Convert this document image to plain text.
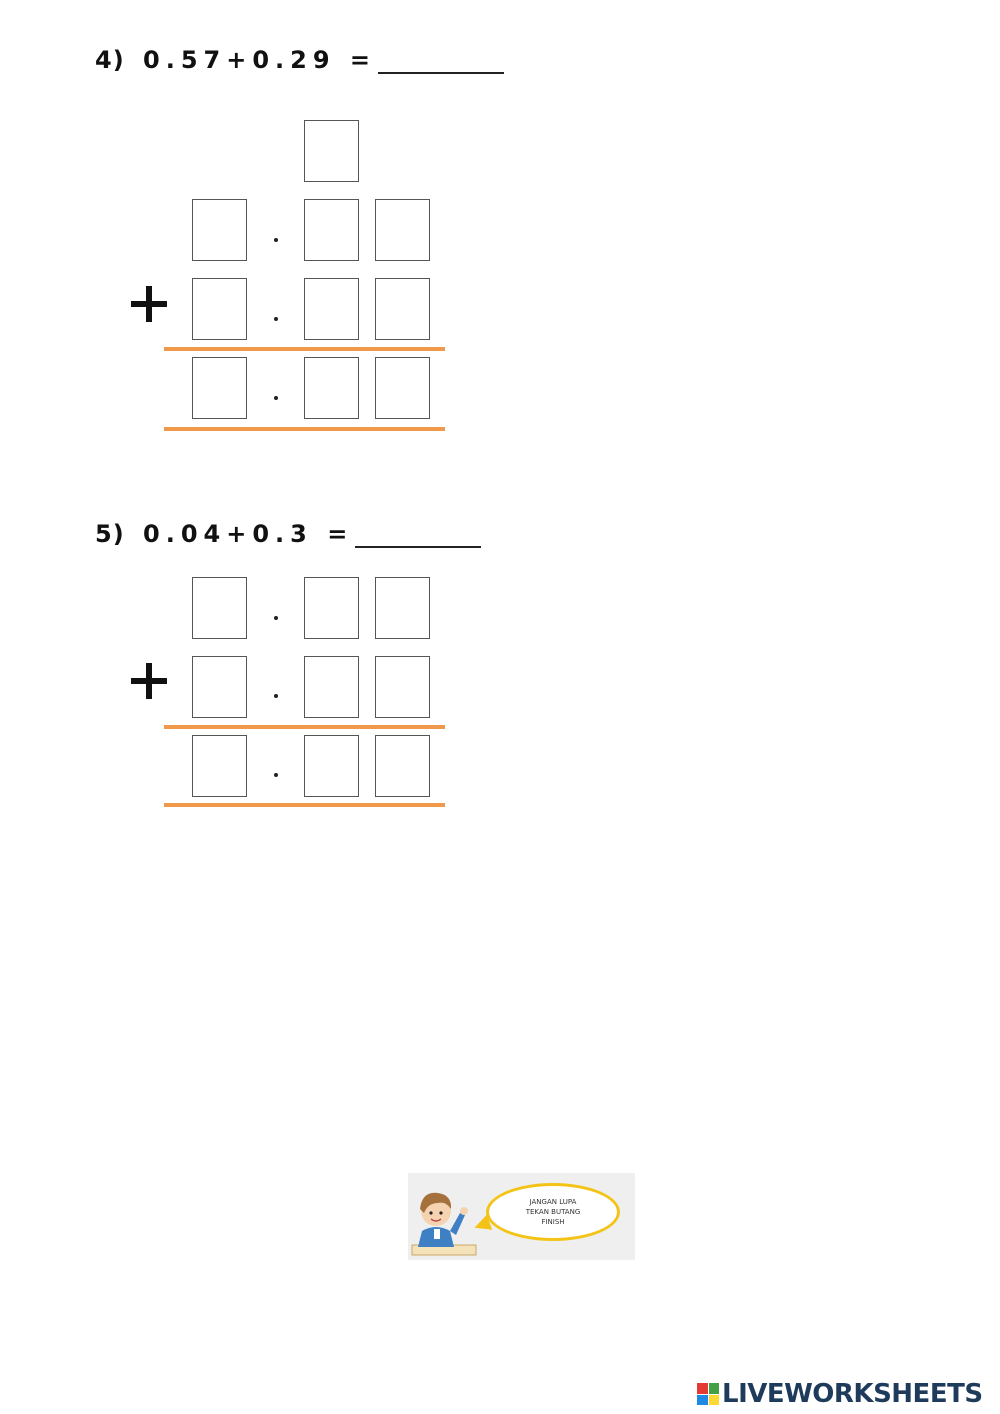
4) 0.57+0.29 =
5) 0.04+0.3 =
JANGAN LUPA
TEKAN BUTANG
FINISH
LIVEWORKSHEETS
